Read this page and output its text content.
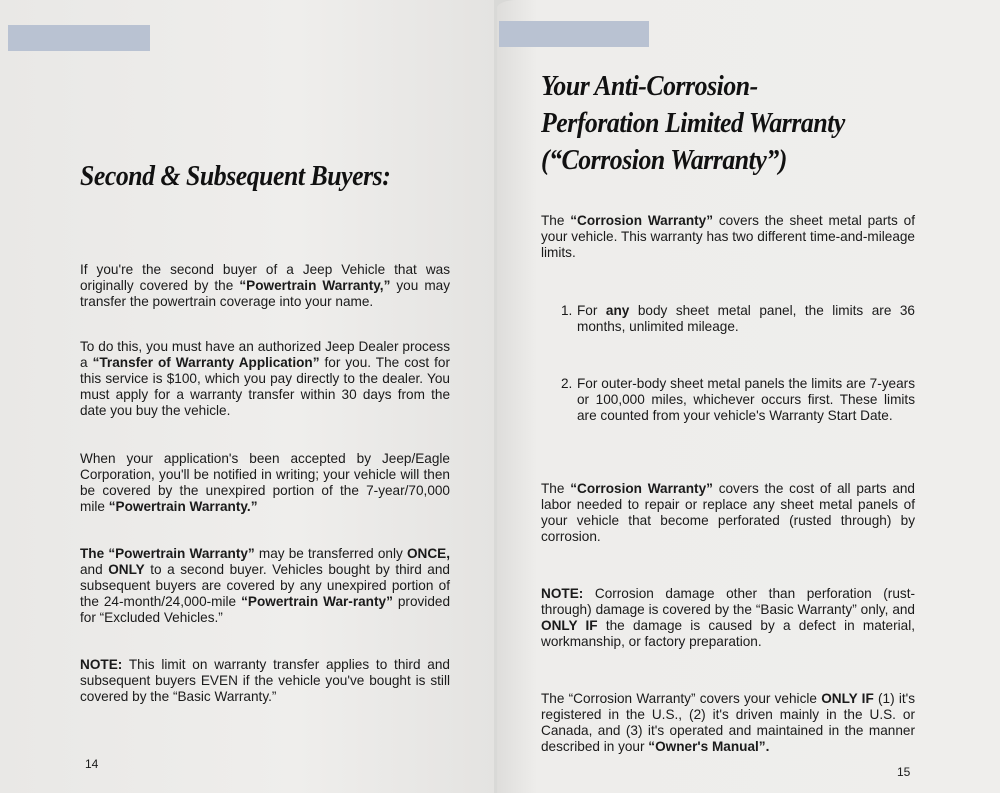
Second & Subsequent Buyers:
If you're the second buyer of a Jeep Vehicle that was originally covered by the “Powertrain Warranty,” you may transfer the powertrain coverage into your name.
To do this, you must have an authorized Jeep Dealer process a “Transfer of Warranty Application” for you. The cost for this service is $100, which you pay directly to the dealer. You must apply for a warranty transfer within 30 days from the date you buy the vehicle.
When your application's been accepted by Jeep/Eagle Corporation, you'll be notified in writing; your vehicle will then be covered by the unexpired portion of the 7-year/70,000 mile “Powertrain Warranty.”
The “Powertrain Warranty” may be transferred only ONCE, and ONLY to a second buyer. Vehicles bought by third and subsequent buyers are covered by any unexpired portion of the 24-month/24,000-mile “Powertrain War-ranty” provided for “Excluded Vehicles.”
NOTE: This limit on warranty transfer applies to third and subsequent buyers EVEN if the vehicle you've bought is still covered by the “Basic Warranty.”
14
Your Anti-Corrosion-
Perforation Limited Warranty
(“Corrosion Warranty”)
The “Corrosion Warranty” covers the sheet metal parts of your vehicle. This warranty has two different time-and-mileage limits.
1. For any body sheet metal panel, the limits are 36 months, unlimited mileage.
2. For outer-body sheet metal panels the limits are 7-years or 100,000 miles, whichever occurs first. These limits are counted from your vehicle's Warranty Start Date.
The “Corrosion Warranty” covers the cost of all parts and labor needed to repair or replace any sheet metal panels of your vehicle that become perforated (rusted through) by corrosion.
NOTE: Corrosion damage other than perforation (rust-through) damage is covered by the “Basic Warranty” only, and ONLY IF the damage is caused by a defect in material, workmanship, or factory preparation.
The “Corrosion Warranty” covers your vehicle ONLY IF (1) it's registered in the U.S., (2) it's driven mainly in the U.S. or Canada, and (3) it's operated and maintained in the manner described in your “Owner's Manual”.
15
